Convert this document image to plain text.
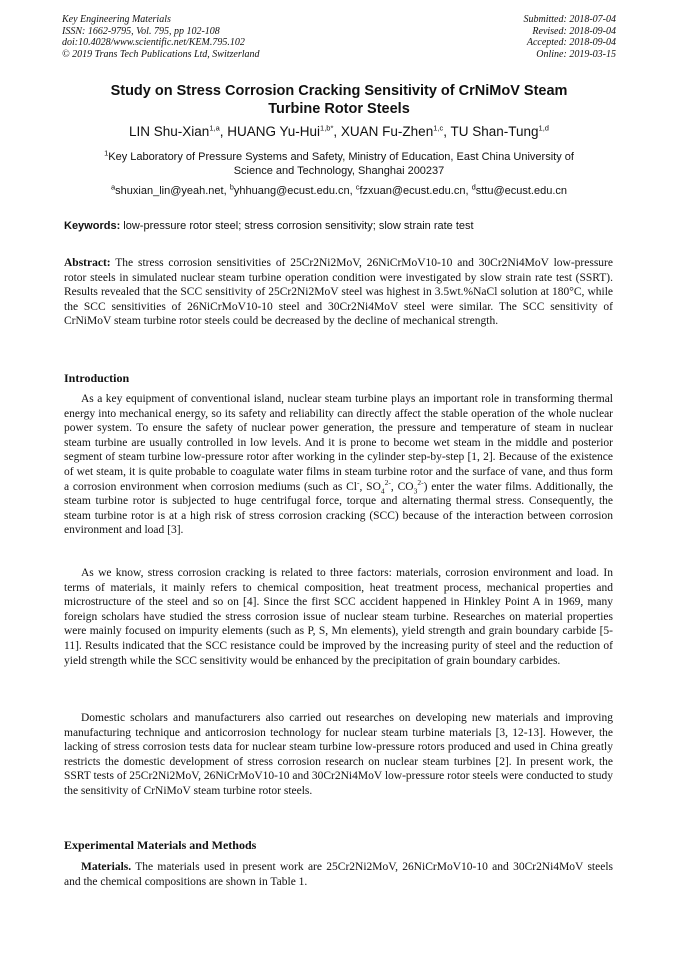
Key Engineering Materials
ISSN: 1662-9795, Vol. 795, pp 102-108
doi:10.4028/www.scientific.net/KEM.795.102
© 2019 Trans Tech Publications Ltd, Switzerland
Submitted: 2018-07-04
Revised: 2018-09-04
Accepted: 2018-09-04
Online: 2019-03-15
Study on Stress Corrosion Cracking Sensitivity of CrNiMoV Steam
Turbine Rotor Steels
LIN Shu-Xian$^{1,a}$, HUANG Yu-Hui$^{1,b*}$, XUAN Fu-Zhen$^{1,c}$, TU Shan-Tung$^{1,d}$
$^1$Key Laboratory of Pressure Systems and Safety, Ministry of Education, East China University of
Science and Technology, Shanghai 200237
$^a$shuxian_lin@yeah.net, $^b$yhhuang@ecust.edu.cn, $^c$fzxuan@ecust.edu.cn, $^d$sttu@ecust.edu.cn
Keywords: low-pressure rotor steel; stress corrosion sensitivity; slow strain rate test

Abstract: The stress corrosion sensitivities of 25Cr2Ni2MoV, 26NiCrMoV10-10 and 30Cr2Ni4MoV low-pressure rotor steels in simulated nuclear steam turbine operation condition were investigated by slow strain rate test (SSRT). Results revealed that the SCC sensitivity of 25Cr2Ni2MoV steel was highest in 3.5wt.%NaCl solution at 180°C, while the SCC sensitivities of 26NiCrMoV10-10 steel and 30Cr2Ni4MoV steel were similar. The SCC sensitivity of CrNiMoV steam turbine rotor steels could be decreased by the decline of mechanical strength.

Introduction

As a key equipment of conventional island, nuclear steam turbine plays an important role in transforming thermal energy into mechanical energy, so its safety and reliability can directly affect the stable operation of the whole nuclear power system. To ensure the safety of nuclear power generation, the pressure and temperature of steam in nuclear steam turbine are usually controlled in low levels. And it is prone to become wet steam in the middle and posterior segment of steam turbine low-pressure rotor after working in the cylinder step-by-step [1, 2]. Because of the existence of wet steam, it is quite probable to coagulate water films in steam turbine rotor and the surface of vane, and thus form a corrosion environment when corrosion mediums (such as Cl-, $SO_4^{2-}$, $CO_3^{2-}$) enter the water films. Additionally, the steam turbine rotor is subjected to huge centrifugal force, torque and alternating thermal stress. Consequently, the steam turbine rotor is at a high risk of stress corrosion cracking (SCC) because of the interaction between corrosion environment and load [3].

As we know, stress corrosion cracking is related to three factors: materials, corrosion environment and load. In terms of materials, it mainly refers to chemical composition, heat treatment process, mechanical properties and microstructure of the steel and so on [4]. Since the first SCC accident happened in Hinkley Point A in 1969, many foreign scholars have studied the stress corrosion issue of nuclear steam turbine. Researches on material properties were mainly focused on impurity elements (such as P, S, Mn elements), yield strength and grain boundary carbide [5-11]. Results indicated that the SCC resistance could be improved by the increasing purity of steel and the reduction of yield strength while the SCC sensitivity would be enhanced by the precipitation of grain boundary carbides.

Domestic scholars and manufacturers also carried out researches on developing new materials and improving manufacturing technique and anticorrosion technology for nuclear steam turbine materials [3, 12-13]. However, the lacking of stress corrosion tests data for nuclear steam turbine low-pressure rotors produced and used in China greatly restricts the domestic development of stress corrosion research on nuclear steam turbines [2]. In present work, the SSRT tests of 25Cr2Ni2MoV, 26NiCrMoV10-10 and 30Cr2Ni4MoV low-pressure rotor steels were conducted to study the sensitivity of CrNiMoV steam turbine rotor steels.

Experimental Materials and Methods

Materials. The materials used in present work are 25Cr2Ni2MoV, 26NiCrMoV10-10 and 30Cr2Ni4MoV steels and the chemical compositions are shown in Table 1.
